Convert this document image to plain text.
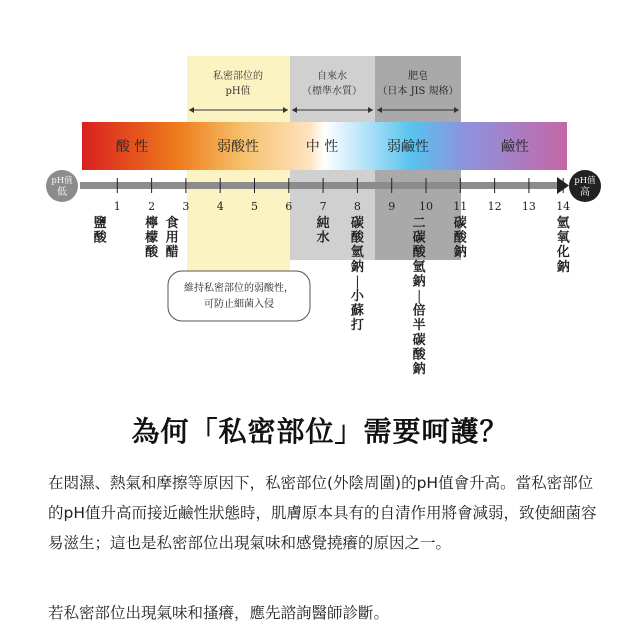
私密部位的
pH值
自來水
（標準水質）
肥皂
（日本 JIS 規格）
酸 性	弱酸性	中 性	弱鹼性	鹼性
pH值
低
pH值
高
1 2 3 4 5 6 7 8 9 10 11 12 13 14
鹽酸
檸檬酸
食用醋
純水
碳酸氫鈉|小蘇打
二碳酸氫鈉|倍半碳酸鈉
碳酸鈉
氫氧化鈉
維持私密部位的弱酸性，
可防止細菌入侵
為何「私密部位」需要呵護？

在悶濕、熱氣和摩擦等原因下，私密部位(外陰周圍)的pH值會升高。當私密部位的pH值升高而接近鹼性狀態時，肌膚原本具有的自清作用將會減弱，致使細菌容易滋生；這也是私密部位出現氣味和感覺撓癢的原因之一。

若私密部位出現氣味和搔癢，應先諮詢醫師診斷。
